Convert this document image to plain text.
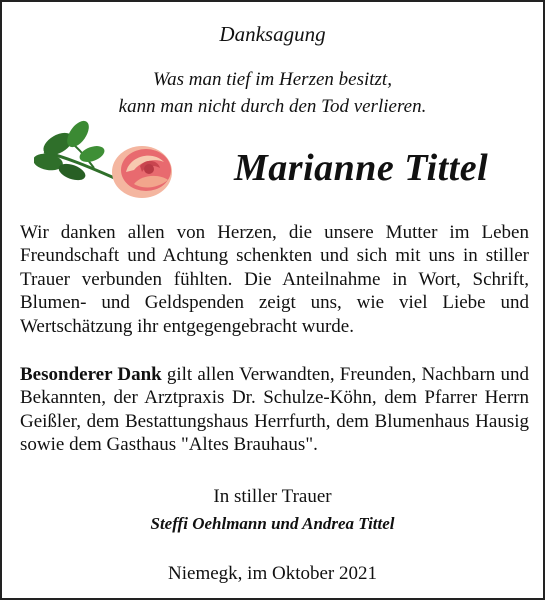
Danksagung
Was man tief im Herzen besitzt,
kann man nicht durch den Tod verlieren.
Marianne Tittel

Wir danken allen von Herzen, die unsere Mutter im Leben Freundschaft und Achtung schenkten und sich mit uns in stiller Trauer verbunden fühlten. Die Anteilnahme in Wort, Schrift, Blumen- und Geldspenden zeigt uns, wie viel Liebe und Wertschätzung ihr entgegengebracht wurde.

Besonderer Dank gilt allen Verwandten, Freunden, Nachbarn und Bekannten, der Arztpraxis Dr. Schulze-Köhn, dem Pfarrer Herrn Geißler, dem Bestattungshaus Herrfurth, dem Blumenhaus Hausig sowie dem Gasthaus "Altes Brauhaus".

In stiller Trauer
Steffi Oehlmann und Andrea Tittel
Niemegk, im Oktober 2021
